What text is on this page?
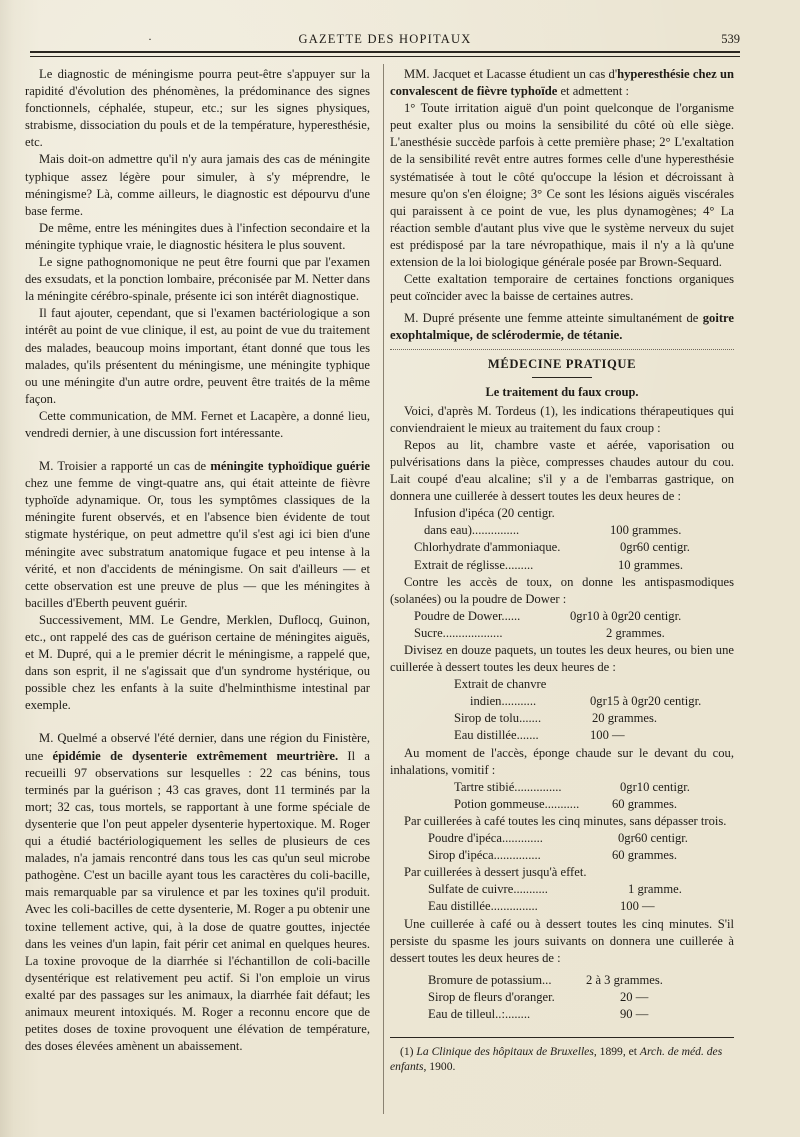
·	GAZETTE DES HOPITAUX	539

Le diagnostic de méningisme pourra peut-être s'appuyer sur la rapidité d'évolution des phénomènes, la prédominance des signes fonctionnels, céphalée, stupeur, etc.; sur les signes physiques, strabisme, dissociation du pouls et de la température, hyperesthésie, etc.

Mais doit-on admettre qu'il n'y aura jamais des cas de méningite typhique assez légère pour simuler, à s'y méprendre, le méningisme? Là, comme ailleurs, le diagnostic est dépourvu d'une base ferme.

De même, entre les méningites dues à l'infection secondaire et la méningite typhique vraie, le diagnostic hésitera le plus souvent.

Le signe pathognomonique ne peut être fourni que par l'examen des exsudats, et la ponction lombaire, préconisée par M. Netter dans la méningite cérébro-spinale, présente ici son intérêt diagnostique.

Il faut ajouter, cependant, que si l'examen bactériologique a son intérêt au point de vue clinique, il est, au point de vue du traitement des malades, beaucoup moins important, étant donné que tous les malades, qu'ils présentent du méningisme, une méningite typhique ou une méningite d'un autre ordre, peuvent être traités de la même façon.

Cette communication, de MM. Fernet et Lacapère, a donné lieu, vendredi dernier, à une discussion fort intéressante.

M. Troisier a rapporté un cas de méningite typhoïdique guérie chez une femme de vingt-quatre ans, qui était atteinte de fièvre typhoïde adynamique. Or, tous les symptômes classiques de la méningite furent observés, et en l'absence bien évidente de tout stigmate hystérique, on peut admettre qu'il s'est agi ici bien d'une méningite avec substratum anatomique fugace et peu intense à la vérité, et non d'accidents de méningisme. On sait d'ailleurs — et cette observation est une preuve de plus — que les méningites à bacilles d'Eberth peuvent guérir.

Successivement, MM. Le Gendre, Merklen, Duflocq, Guinon, etc., ont rappelé des cas de guérison certaine de méningites aiguës, et M. Dupré, qui a le premier décrit le méningisme, a rappelé que, dans son esprit, il ne s'agissait que d'un syndrome hystérique, ou possible chez les enfants à la suite d'helminthisme intestinal par exemple.

M. Quelmé a observé l'été dernier, dans une région du Finistère, une épidémie de dysenterie extrêmement meurtrière. Il a recueilli 97 observations sur lesquelles : 22 cas bénins, tous terminés par la guérison ; 43 cas graves, dont 11 terminés par la mort; 32 cas, tous mortels, se rapportant à une forme spéciale de dysenterie que l'on peut appeler dysenterie hypertoxique. M. Roger qui a étudié bactériologiquement les selles de plusieurs de ces malades, n'a jamais rencontré dans tous les cas qu'un seul microbe pathogène. C'est un bacille ayant tous les caractères du coli-bacille, mais remarquable par sa virulence et par les toxines qu'il produit. Avec les coli-bacilles de cette dysenterie, M. Roger a pu obtenir une toxine tellement active, qui, à la dose de quatre gouttes, injectée dans les veines d'un lapin, fait périr cet animal en quelques heures. La toxine provoque de la diarrhée si l'échantillon de coli-bacille dysentérique est relativement peu actif. Si l'on emploie un virus exalté par des passages sur les animaux, la diarrhée fait défaut; les animaux meurent intoxiqués. M. Roger a reconnu encore que de petites doses de toxine provoquent une élévation de température, des doses élevées amènent un abaissement.

MM. Jacquet et Lacasse étudient un cas d'hyperesthésie chez un convalescent de fièvre typhoïde et admettent :

1° Toute irritation aiguë d'un point quelconque de l'organisme peut exalter plus ou moins la sensibilité du côté où elle siège. L'anesthésie succède parfois à cette première phase; 2° L'exaltation de la sensibilité revêt entre autres formes celle d'une hyperesthésie systématisée à tout le côté qu'occupe la lésion et décroissant à mesure qu'on s'en éloigne; 3° Ce sont les lésions aiguës viscérales qui paraissent à ce point de vue, les plus dynamogènes; 4° La réaction semble d'autant plus vive que le système nerveux du sujet est prédisposé par la tare névropathique, mais il n'y a là qu'une extension de la loi biologique générale posée par Brown-Sequard.

Cette exaltation temporaire de certaines fonctions organiques peut coïncider avec la baisse de certaines autres.

M. Dupré présente une femme atteinte simultanément de goitre exophtalmique, de sclérodermie, de tétanie.

MÉDECINE PRATIQUE
Le traitement du faux croup.

Voici, d'après M. Tordeus (1), les indications thérapeutiques qui conviendraient le mieux au traitement du faux croup :

Repos au lit, chambre vaste et aérée, vaporisation ou pulvérisations dans la pièce, compresses chaudes autour du cou. Lait coupé d'eau alcaline; s'il y a de l'embarras gastrique, on donnera une cuillerée à dessert toutes les deux heures de :

Infusion d'ipéca (20 centigr.
dans eau)...............	100 grammes.
Chlorhydrate d'ammoniaque.	0gr60 centigr.
Extrait de réglisse.........	10 grammes.

Contre les accès de toux, on donne les antispasmodiques (solanées) ou la poudre de Dower :

Poudre de Dower......	0gr10 à 0gr20 centigr.
Sucre...................	2 grammes.

Divisez en douze paquets, un toutes les deux heures, ou bien une cuillerée à dessert toutes les deux heures de :

Extrait de chanvre
indien...........	0gr15 à 0gr20 centigr.
Sirop de tolu.......	20 grammes.
Eau distillée.......	100 —

Au moment de l'accès, éponge chaude sur le devant du cou, inhalations, vomitif :

Tartre stibié...............	0gr10 centigr.
Potion gommeuse...........	60 grammes.

Par cuillerées à café toutes les cinq minutes, sans dépasser trois.

Poudre d'ipéca.............	0gr60 centigr.
Sirop d'ipéca...............	60 grammes.

Par cuillerées à dessert jusqu'à effet.

Sulfate de cuivre...........	1 gramme.
Eau distillée...............	100 —

Une cuillerée à café ou à dessert toutes les cinq minutes. S'il persiste du spasme les jours suivants on donnera une cuillerée à dessert toutes les deux heures de :

Bromure de potassium...	2 à 3 grammes.
Sirop de fleurs d'oranger.	20 —
Eau de tilleul..:........	90 —
(1) La Clinique des hôpitaux de Bruxelles, 1899, et Arch. de méd. des enfants, 1900.
